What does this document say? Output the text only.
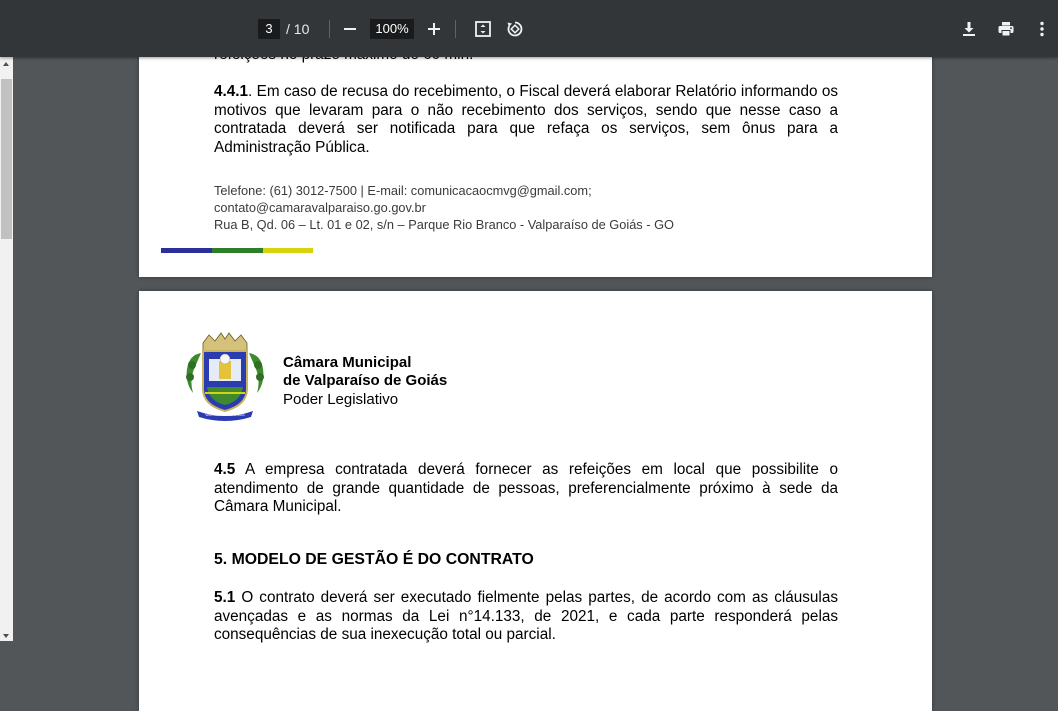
3 / 10	100%
4.4.1. Em caso de recusa do recebimento, o Fiscal deverá elaborar Relatório informando os motivos que levaram para o não recebimento dos serviços, sendo que nesse caso a contratada deverá ser notificada para que refaça os serviços, sem ônus para a Administração Pública.
Telefone: (61) 3012-7500 | E-mail: comunicacaocmvg@gmail.com;
contato@camaravalparaiso.go.gov.br
Rua B, Qd. 06 – Lt. 01 e 02, s/n – Parque Rio Branco - Valparaíso de Goiás - GO
VALPARAÍSO DE GOIÁS
Câmara Municipal
de Valparaíso de Goiás
Poder Legislativo
4.5 A empresa contratada deverá fornecer as refeições em local que possibilite o atendimento de grande quantidade de pessoas, preferencialmente próximo à sede da Câmara Municipal.
5. MODELO DE GESTÃO É DO CONTRATO
5.1 O contrato deverá ser executado fielmente pelas partes, de acordo com as cláusulas avençadas e as normas da Lei n°14.133, de 2021, e cada parte responderá pelas consequências de sua inexecução total ou parcial.
